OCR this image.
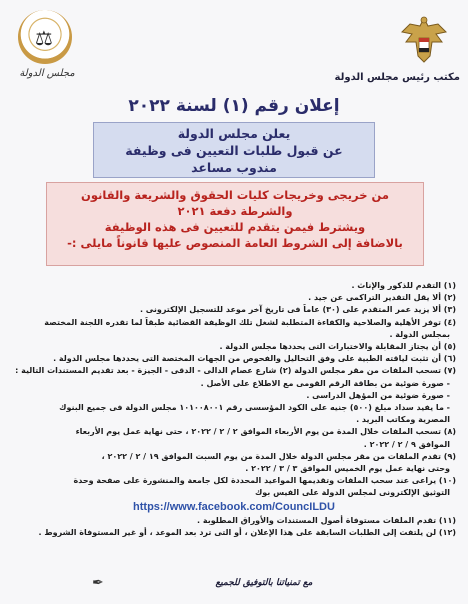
⚖
مجلس الدولة	مكتب رئيس مجلس الدولة
إعلان رقم (١) لسنة ٢٠٢٢
يعلن مجلس الدولة
عن قبول طلبات التعيين فى وظيفة
مندوب مساعد
من خريجى وخريجات كليات الحقوق والشريعة والقانون
والشرطة دفعة ٢٠٢١
ويشترط فيمن يتقدم للتعيين فى هذه الوظيفة
بالاضافة إلى الشروط العامة المنصوص عليها قانوناً مايلى :-
(١) التقدم للذكور والإناث .
(٢) ألا يقل التقدير التراكمى عن جيد .
(٣) ألا يزيد عمر المتقدم على (٣٠) عاماً فى تاريخ آخر موعد للتسجيل الإلكترونى .
(٤) توفر الأهلية والصلاحية والكفاءة المتطلبة لشغل تلك الوظيفة القضائية طبقاً لما تقدره اللجنة المختصة
بمجلس الدولة .
(٥) أن يجتاز المقابلة والاختبارات التى يحددها مجلس الدولة .
(٦) أن تثبت لياقته الطبية على وفق التحاليل والفحوص من الجهات المختصة التى يحددها مجلس الدولة .
(٧) تسحب الملفات من مقر مجلس الدولة (٢) شارع عصام الدالى - الدقى - الجيزة - بعد تقديم المستندات التالية :
- صورة ضوئية من بطاقة الرقم القومى مع الاطلاع على الأصل .
- صورة ضوئية من المؤهل الدراسى .
- ما يفيد سداد مبلغ (٥٠٠) جنيه على الكود المؤسسى رقم ١٠١٠٠٨٠٠١ مجلس الدولة فى جميع البنوك
المصرية ومكاتب البريد .
(٨) تسحب الملفات خلال المدة من يوم الأربعاء الموافق ٢ / ٢ / ٢٠٢٢ ، حتى نهاية عمل يوم الأربعاء
الموافق ٩ / ٢ / ٢٠٢٢ .
(٩) تقدم الملفات من مقر مجلس الدولة خلال المدة من يوم السبت الموافق ١٩ / ٢ / ٢٠٢٢ ،
وحتى نهاية عمل يوم الخميس الموافق ٣ / ٣ / ٢٠٢٢ .
(١٠) يراعى عند سحب الملفات وتقديمها المواعيد المحددة لكل جامعة والمنشورة على صفحة وحدة
التوثيق الإلكترونى لمجلس الدولة على الفيس بوك
https://www.facebook.com/CouncILDU
(١١) تقدم الملفات مستوفاة أصول المستندات والأوراق المطلوبة .
(١٢) لن يلتفت إلى الطلبات السابقة على هذا الإعلان ، أو التى ترد بعد الموعد ، أو غير المستوفاة الشروط .
✒	مع تمنياتنا بالتوفيق للجميع
